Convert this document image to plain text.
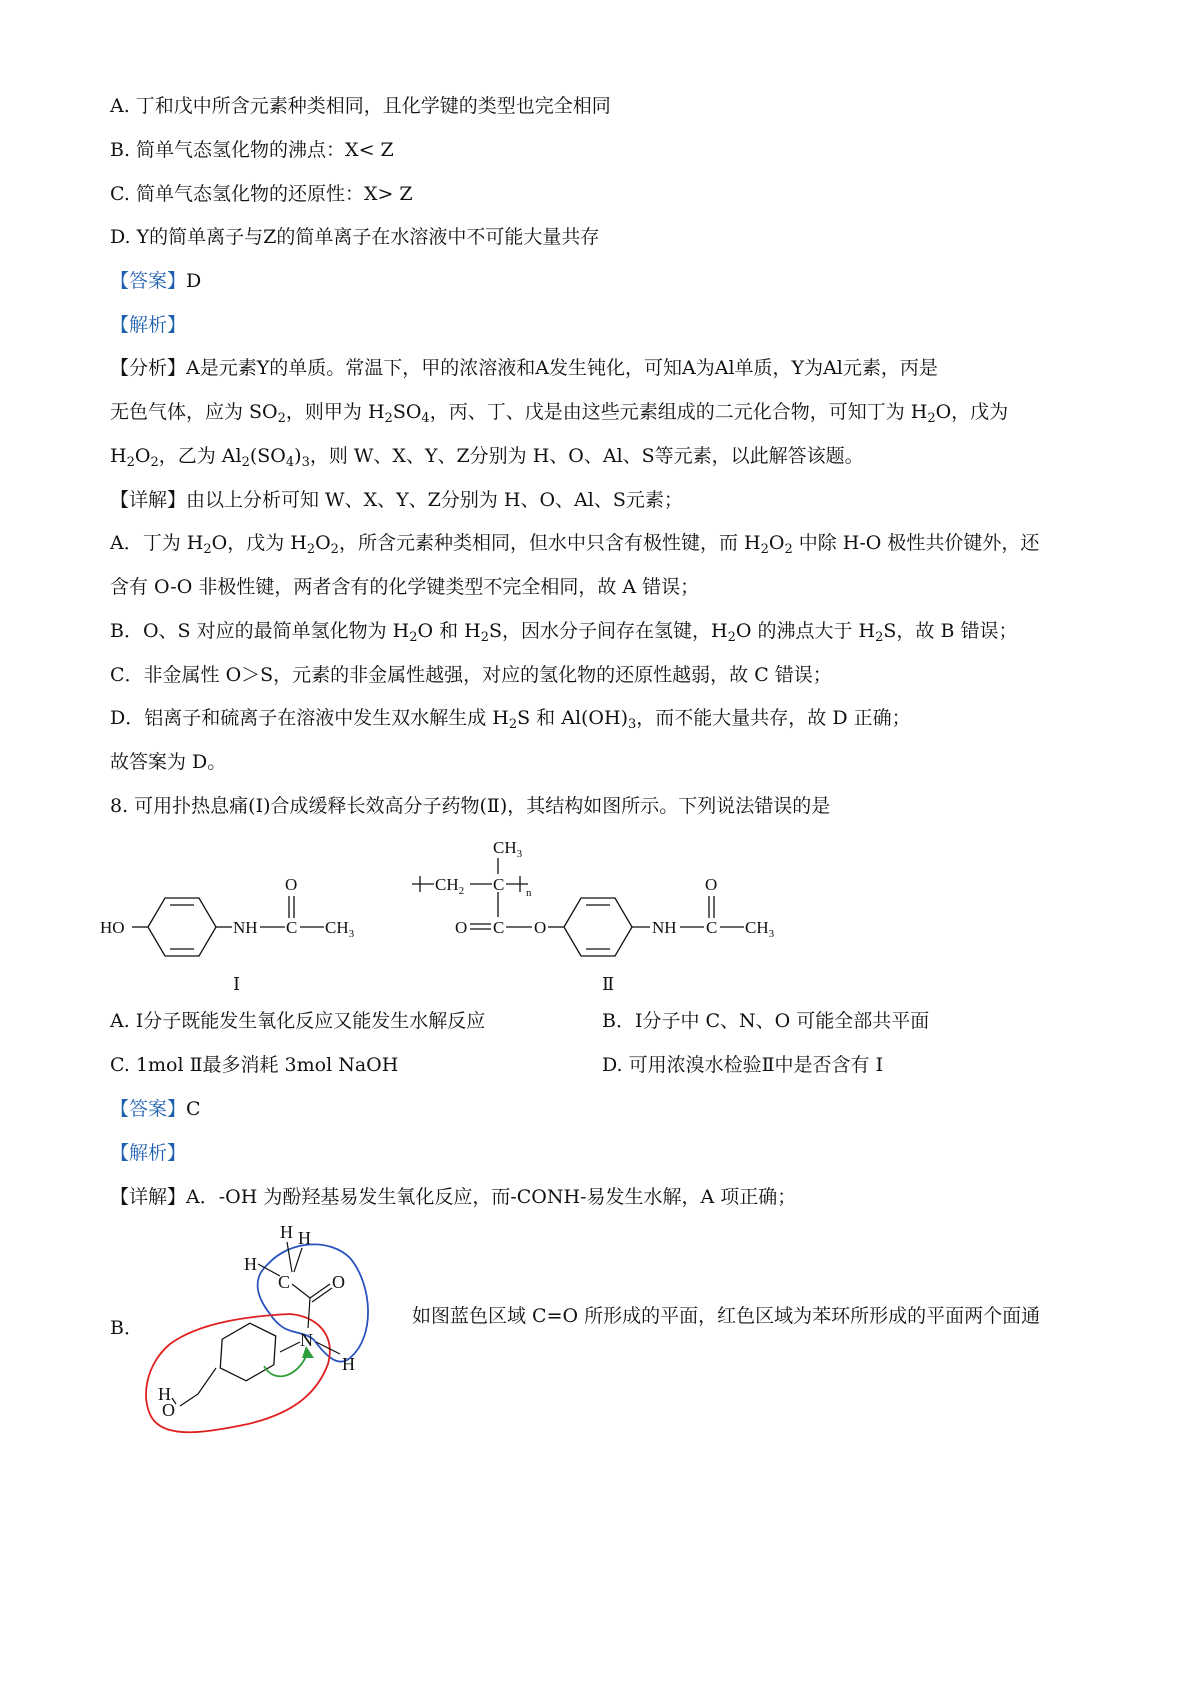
A. 丁和戊中所含元素种类相同，且化学键的类型也完全相同
B. 简单气态氢化物的沸点：X< Z
C. 简单气态氢化物的还原性：X> Z
D. Y的简单离子与Z的简单离子在水溶液中不可能大量共存
【答案】D
【解析】
【分析】A是元素Y的单质。常温下，甲的浓溶液和A发生钝化，可知A为Al单质，Y为Al元素，丙是
无色气体，应为 $SO_2$，则甲为 $H_2SO_4$，丙、丁、戊是由这些元素组成的二元化合物，可知丁为 $H_2O$，戊为
$H_2O_2$，乙为 $Al_2(SO_4)_3$，则 W、X、Y、Z分别为 H、O、Al、S等元素，以此解答该题。
【详解】由以上分析可知 W、X、Y、Z分别为 H、O、Al、S元素；
A．丁为 $H_2O$，戊为 $H_2O_2$，所含元素种类相同，但水中只含有极性键，而 $H_2O_2$ 中除 H-O 极性共价键外，还
含有 O-O 非极性键，两者含有的化学键类型不完全相同，故 A 错误；
B．O、S 对应的最简单氢化物为 $H_2O$ 和 $H_2S$，因水分子间存在氢键，$H_2O$ 的沸点大于 $H_2S$，故 B 错误；
C．非金属性 O＞S，元素的非金属性越强，对应的氢化物的还原性越弱，故 C 错误；
D．铝离子和硫离子在溶液中发生双水解生成 $H_2S$ 和 $Al(OH)_3$，而不能大量共存，故 D 正确；
故答案为 D。
8. 可用扑热息痛(Ⅰ)合成缓释长效高分子药物(Ⅱ)，其结构如图所示。下列说法错误的是
HO	NH C
O
$CH_3$
Ⅰ
$CH_2$ C
$CH_3$
n
O C O	NH C
O
$CH_3$
Ⅱ
A. I分子既能发生氧化反应又能发生水解反应	B．Ⅰ分子中 C、N、O 可能全部共平面
C. 1mol Ⅱ最多消耗 3mol NaOH	D. 可用浓溴水检验Ⅱ中是否含有 I
【答案】C
【解析】
【详解】A．-OH 为酚羟基易发生氧化反应，而-CONH-易发生水解，A 项正确；
B．
如图蓝色区域 C=O 所形成的平面，红色区域为苯环所形成的平面两个面通
H H
H
C O
N
H
H
O
